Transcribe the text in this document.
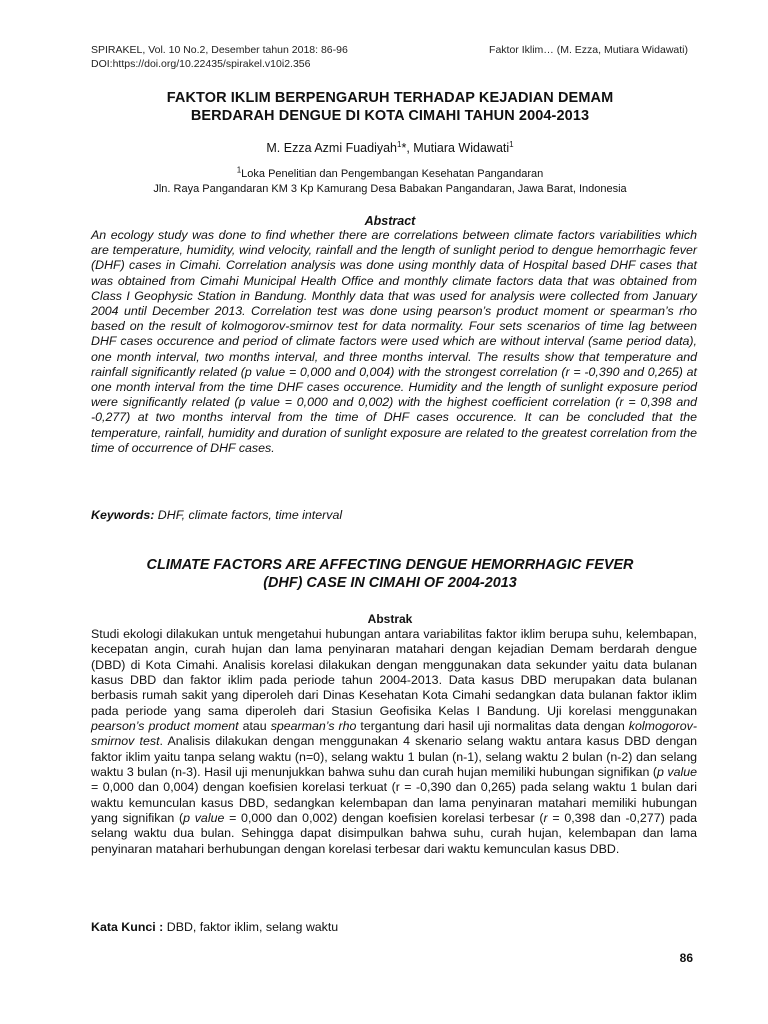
SPIRAKEL, Vol. 10 No.2, Desember tahun 2018: 86-96
DOI:https://doi.org/10.22435/spirakel.v10i2.356
Faktor Iklim… (M. Ezza, Mutiara Widawati)
FAKTOR IKLIM BERPENGARUH TERHADAP KEJADIAN DEMAM
BERDARAH DENGUE DI KOTA CIMAHI TAHUN 2004-2013
M. Ezza Azmi Fuadiyah$^1$*, Mutiara Widawati$^1$
$^1$Loka Penelitian dan Pengembangan Kesehatan Pangandaran
Jln. Raya Pangandaran KM 3 Kp Kamurang Desa Babakan Pangandaran, Jawa Barat, Indonesia
Abstract

An ecology study was done to find whether there are correlations between climate factors variabilities which are temperature, humidity, wind velocity, rainfall and the length of sunlight period to dengue hemorrhagic fever (DHF) cases in Cimahi. Correlation analysis was done using monthly data of Hospital based DHF cases that was obtained from Cimahi Municipal Health Office and monthly climate factors data that was obtained from Class I Geophysic Station in Bandung. Monthly data that was used for analysis were collected from January 2004 until December 2013. Correlation test was done using pearson’s product moment or spearman’s rho based on the result of kolmogorov-smirnov test for data normality. Four sets scenarios of time lag between DHF cases occurence and period of climate factors were used which are without interval (same period data), one month interval, two months interval, and three months interval. The results show that temperature and rainfall significantly related (p value = 0,000 and 0,004) with the strongest correlation (r = -0,390 and 0,265) at one month interval from the time DHF cases occurence. Humidity and the length of sunlight exposure period were significantly related (p value = 0,000 and 0,002) with the highest coefficient correlation (r = 0,398 and -0,277) at two months interval from the time of DHF cases occurence. It can be concluded that the temperature, rainfall, humidity and duration of sunlight exposure are related to the greatest correlation from the time of occurrence of DHF cases.

Keywords: DHF, climate factors, time interval
CLIMATE FACTORS ARE AFFECTING DENGUE HEMORRHAGIC FEVER
(DHF) CASE IN CIMAHI OF 2004-2013
Abstrak

Studi ekologi dilakukan untuk mengetahui hubungan antara variabilitas faktor iklim berupa suhu, kelembapan, kecepatan angin, curah hujan dan lama penyinaran matahari dengan kejadian Demam berdarah dengue (DBD) di Kota Cimahi. Analisis korelasi dilakukan dengan menggunakan data sekunder yaitu data bulanan kasus DBD dan faktor iklim pada periode tahun 2004-2013. Data kasus DBD merupakan data bulanan berbasis rumah sakit yang diperoleh dari Dinas Kesehatan Kota Cimahi sedangkan data bulanan faktor iklim pada periode yang sama diperoleh dari Stasiun Geofisika Kelas I Bandung. Uji korelasi menggunakan pearson’s product moment atau spearman’s rho tergantung dari hasil uji normalitas data dengan kolmogorov-smirnov test. Analisis dilakukan dengan menggunakan 4 skenario selang waktu antara kasus DBD dengan faktor iklim yaitu tanpa selang waktu (n=0), selang waktu 1 bulan (n-1), selang waktu 2 bulan (n-2) dan selang waktu 3 bulan (n-3). Hasil uji menunjukkan bahwa suhu dan curah hujan memiliki hubungan signifikan (p value = 0,000 dan 0,004) dengan koefisien korelasi terkuat (r = -0,390 dan 0,265) pada selang waktu 1 bulan dari waktu kemunculan kasus DBD, sedangkan kelembapan dan lama penyinaran matahari memiliki hubungan yang signifikan (p value = 0,000 dan 0,002) dengan koefisien korelasi terbesar (r = 0,398 dan -0,277) pada selang waktu dua bulan. Sehingga dapat disimpulkan bahwa suhu, curah hujan, kelembapan dan lama penyinaran matahari berhubungan dengan korelasi terbesar dari waktu kemunculan kasus DBD.

Kata Kunci : DBD, faktor iklim, selang waktu
86
